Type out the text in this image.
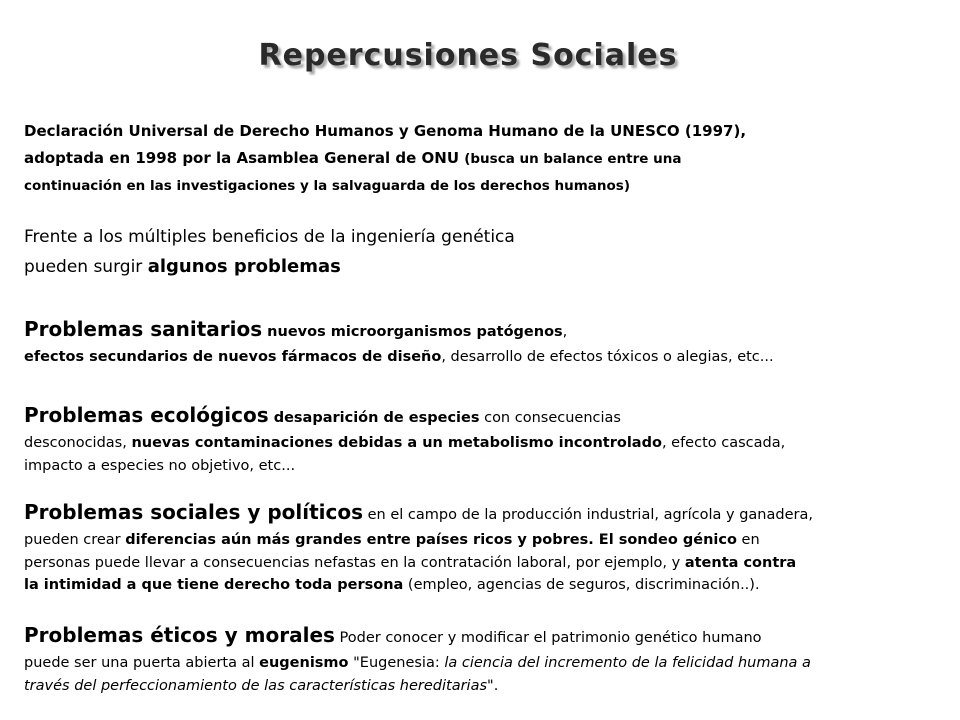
Repercusiones Sociales
Declaración Universal de Derecho Humanos y Genoma Humano de la UNESCO (1997),
adoptada en 1998 por la Asamblea General de ONU (busca un balance entre una
continuación en las investigaciones y la salvaguarda de los derechos humanos)
Frente a los múltiples beneficios de la ingeniería genética
pueden surgir algunos problemas
Problemas sanitarios nuevos microorganismos patógenos,
efectos secundarios de nuevos fármacos de diseño, desarrollo de efectos tóxicos o alegias, etc...
Problemas ecológicos desaparición de especies con consecuencias
desconocidas, nuevas contaminaciones debidas a un metabolismo incontrolado, efecto cascada,
impacto a especies no objetivo, etc...
Problemas sociales y políticos en el campo de la producción industrial, agrícola y ganadera,
pueden crear diferencias aún más grandes entre países ricos y pobres. El sondeo génico en
personas puede llevar a consecuencias nefastas en la contratación laboral, por ejemplo, y atenta contra
la intimidad a que tiene derecho toda persona (empleo, agencias de seguros, discriminación..).
Problemas éticos y morales Poder conocer y modificar el patrimonio genético humano
puede ser una puerta abierta al eugenismo "Eugenesia: la ciencia del incremento de la felicidad humana a
través del perfeccionamiento de las características hereditarias".
